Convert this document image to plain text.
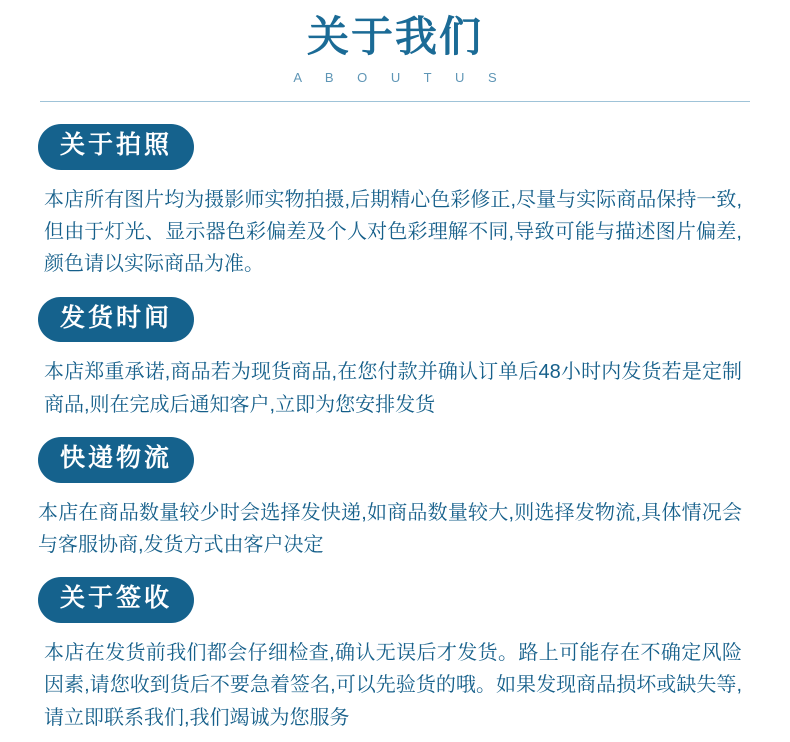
关于我们
A B O U T U S
关于拍照
本店所有图片均为摄影师实物拍摄,后期精心色彩修正,尽量与实际商品保持一致,但由于灯光、显示器色彩偏差及个人对色彩理解不同,导致可能与描述图片偏差,颜色请以实际商品为准。
发货时间
本店郑重承诺,商品若为现货商品,在您付款并确认订单后48小时内发货若是定制商品,则在完成后通知客户,立即为您安排发货
快递物流
本店在商品数量较少时会选择发快递,如商品数量较大,则选择发物流,具体情况会与客服协商,发货方式由客户决定
关于签收
本店在发货前我们都会仔细检查,确认无误后才发货。路上可能存在不确定风险因素,请您收到货后不要急着签名,可以先验货的哦。如果发现商品损坏或缺失等,请立即联系我们,我们竭诚为您服务
